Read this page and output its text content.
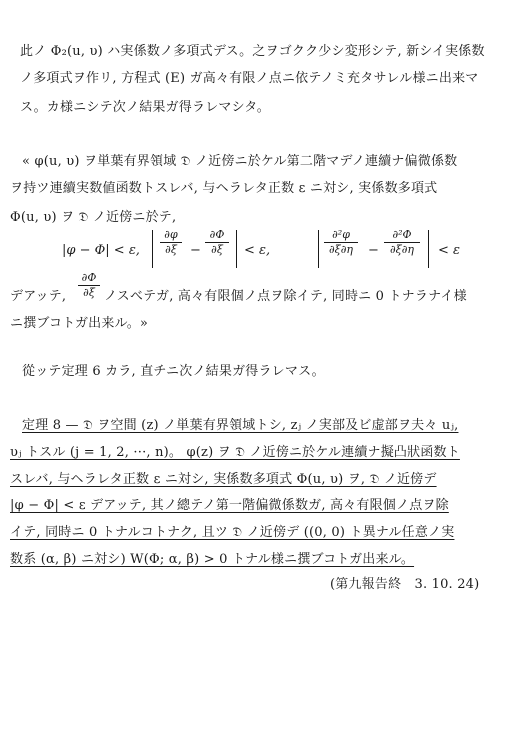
此ノ Φ₂(u, υ) ハ実係数ノ多項式デス。之ヲゴクク少シ変形シテ, 新シイ実係数
ノ多項式ヲ作リ, 方程式 (E) ガ高々有限ノ点ニ依テノミ充タサレル様ニ出来マ
ス。カ様ニシテ次ノ結果ガ得ラレマシタ。
« φ(u, υ) ヲ単葉有界領域 𝔇 ノ近傍ニ於ケル第二階マデノ連續ナ偏微係数
ヲ持ツ連續実数値函数トスレバ, 与ヘラレタ正数 ε ニ対シ, 実係数多項式
Φ(u, υ) ヲ 𝔇 ノ近傍ニ於テ,
|φ − Φ| < ε,
∂φ
∂ξ	−
∂Φ
∂ξ	< ε,
∂²φ
∂ξ∂η	−
∂²Φ
∂ξ∂η	< ε
デアッテ,
∂Φ
∂ξ ノスベテガ, 高々有限個ノ点ヲ除イテ, 同時ニ 0 トナラナイ様
ニ撰ブコトガ出来ル。»
從ッテ定理 6 カラ, 直チニ次ノ結果ガ得ラレマス。
定理 8 — 𝔇 ヲ空間 (z) ノ単葉有界領域トシ, zⱼ ノ実部及ビ虚部ヲ夫々 uⱼ,
υⱼ トスル (j = 1, 2, ···, n)。 φ(z) ヲ 𝔇 ノ近傍ニ於ケル連續ナ擬凸狀函数ト
スレバ, 与ヘラレタ正数 ε ニ対シ, 実係数多項式 Φ(u, υ) ヲ, 𝔇 ノ近傍デ
|φ − Φ| < ε デアッテ, 其ノ總テノ第一階偏微係数ガ, 高々有限個ノ点ヲ除
イテ, 同時ニ 0 トナルコトナク, 且ツ 𝔇 ノ近傍デ ((0, 0) ト異ナル任意ノ実
数系 (α, β) ニ対シ) W(Φ; α, β) > 0 トナル様ニ撰ブコトガ出来ル。
(第九報告終　3. 10. 24)
